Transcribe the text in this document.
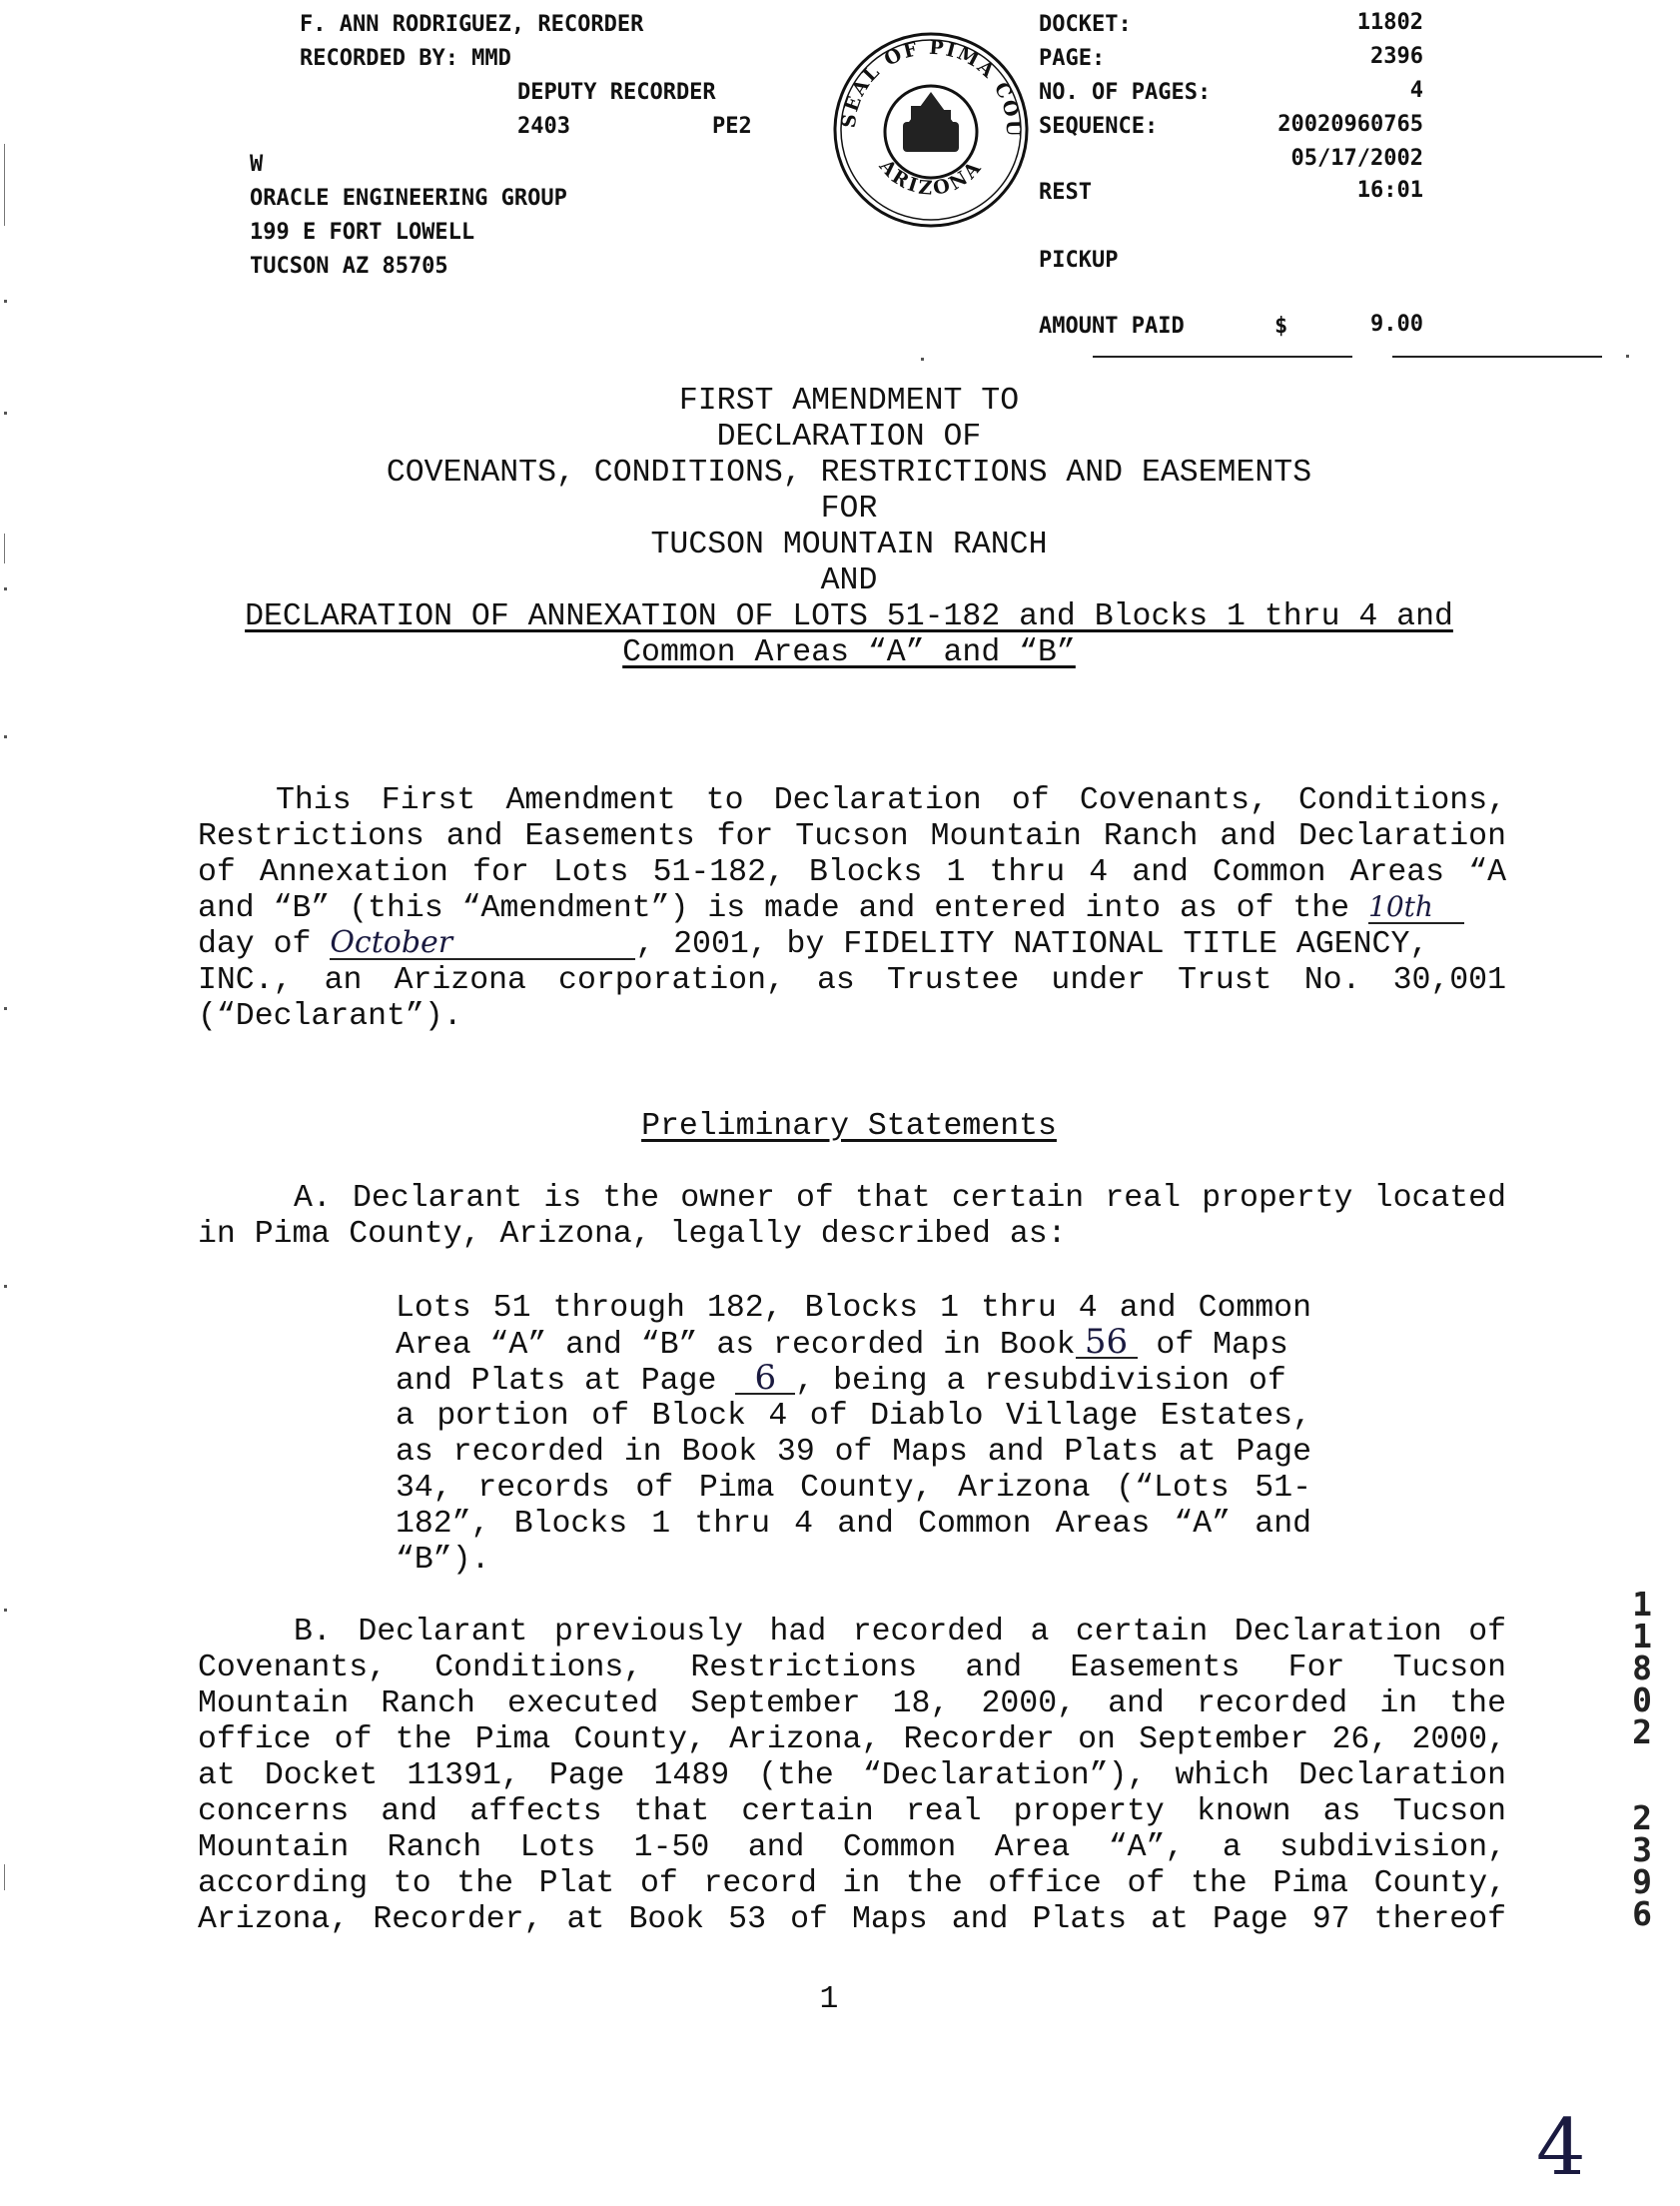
F. ANN RODRIGUEZ, RECORDER
RECORDED BY: MMD
DEPUTY RECORDER
2403	PE2
W
ORACLE ENGINEERING GROUP
199 E FORT LOWELL
TUCSON AZ 85705
SEAL OF PIMA COU
ARIZONA
DOCKET:	11802
PAGE:	2396
NO. OF PAGES:	4
SEQUENCE:	20020960765
05/17/2002
REST	16:01
PICKUP
AMOUNT PAID	$	9.00
FIRST AMENDMENT TO
DECLARATION OF
COVENANTS, CONDITIONS, RESTRICTIONS AND EASEMENTS
FOR
TUCSON MOUNTAIN RANCH
AND
DECLARATION OF ANNEXATION OF LOTS 51-182 and Blocks 1 thru 4 and
Common Areas “A” and “B”
This First Amendment to Declaration of Covenants, Conditions,
Restrictions and Easements for Tucson Mountain Ranch and Declaration
of Annexation for Lots 51-182, Blocks 1 thru 4 and Common Areas “A
and “B” (this “Amendment”) is made and entered into as of the 10th
day of October	, 2001, by FIDELITY NATIONAL TITLE AGENCY,
INC., an Arizona corporation, as Trustee under Trust No. 30,001
(“Declarant”).
Preliminary Statements
A. Declarant is the owner of that certain real property located
in Pima County, Arizona, legally described as:
Lots 51 through 182, Blocks 1 thru 4 and Common
Area “A” and “B” as recorded in Book 56 of Maps
and Plats at Page 6 , being a resubdivision of
a portion of Block 4 of Diablo Village Estates,
as recorded in Book 39 of Maps and Plats at Page
34, records of Pima County, Arizona (“Lots 51-
182”, Blocks 1 thru 4 and Common Areas “A” and
“B”).
B. Declarant previously had recorded a certain Declaration of
Covenants, Conditions, Restrictions and Easements For Tucson
Mountain Ranch executed September 18, 2000, and recorded in the
office of the Pima County, Arizona, Recorder on September 26, 2000,
at Docket 11391, Page 1489 (the “Declaration”), which Declaration
concerns and affects that certain real property known as Tucson
Mountain Ranch Lots 1-50 and Common Area “A”, a subdivision,
according to the Plat of record in the office of the Pima County,
Arizona, Recorder, at Book 53 of Maps and Plats at Page 97 thereof
1
1
8
0
2
2
3
9
6
1
4
